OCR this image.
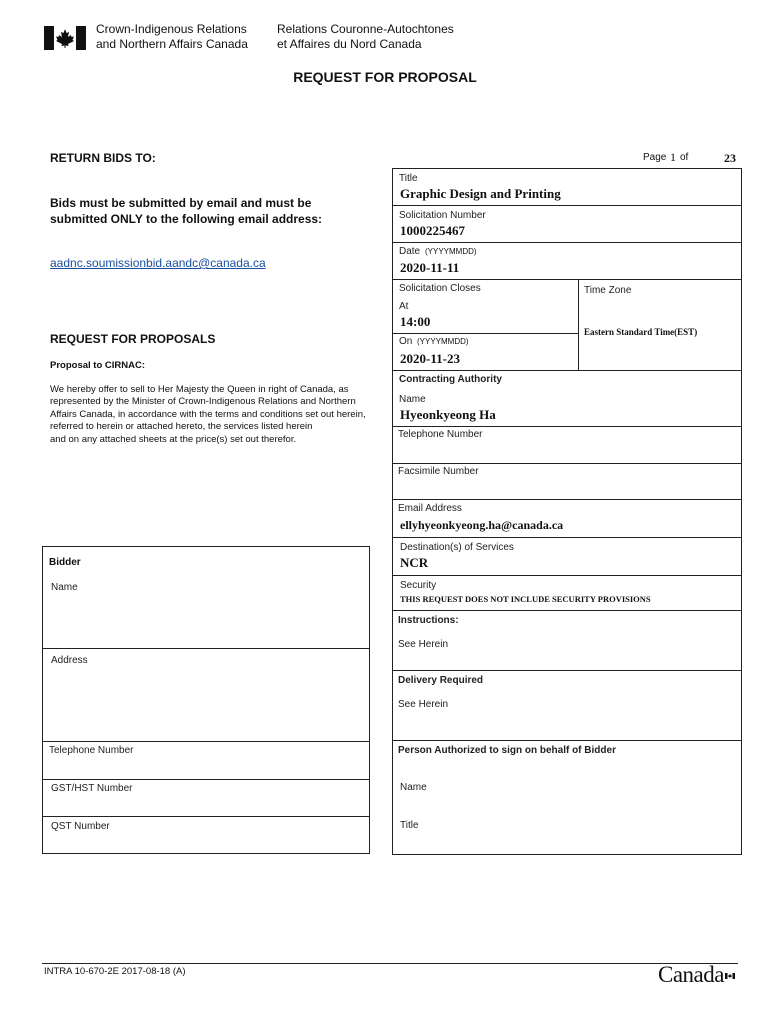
Crown-Indigenous Relations
and Northern Affairs Canada
Relations Couronne-Autochtones
et Affaires du Nord Canada
REQUEST FOR PROPOSAL
RETURN BIDS TO:
Bids must be submitted by email and must be
submitted ONLY to the following email address:
aadnc.soumissionbid.aandc@canada.ca
REQUEST FOR PROPOSALS
Proposal to CIRNAC:
We hereby offer to sell to Her Majesty the Queen in right of Canada, as
represented by the Minister of Crown-Indigenous Relations and Northern
Affairs Canada, in accordance with the terms and conditions set out herein,
referred to herein or attached hereto, the services listed herein
and on any attached sheets at the price(s) set out therefor.
Page 1 of	23
Title
Graphic Design and Printing
Solicitation Number
1000225467
Date (YYYYMMDD)
2020-11-11
Solicitation Closes
At
14:00
On (YYYYMMDD)
2020-11-23
Time Zone
Eastern Standard Time(EST)
Contracting Authority
Name
Hyeonkyeong Ha
Telephone Number
Facsimile Number
Email Address
ellyhyeonkyeong.ha@canada.ca
Destination(s) of Services
NCR
Security
THIS REQUEST DOES NOT INCLUDE SECURITY PROVISIONS
Instructions:
See Herein
Delivery Required
See Herein
Person Authorized to sign on behalf of Bidder
Name
Title
Bidder
Name
Address
Telephone Number
GST/HST Number
QST Number
INTRA 10-670-2E 2017-08-18 (A)	Canada
